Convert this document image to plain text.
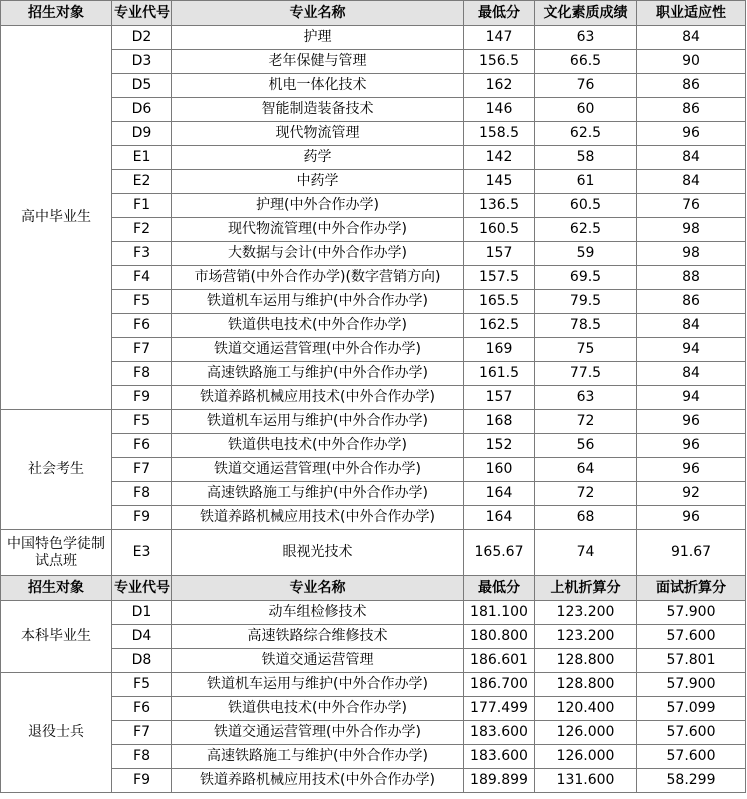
招生对象	专业代号	专业名称	最低分	文化素质成绩	职业适应性
高中毕业生	D2	护理	147	63	84
	D3	老年保健与管理	156.5	66.5	90
	D5	机电一体化技术	162	76	86
	D6	智能制造装备技术	146	60	86
	D9	现代物流管理	158.5	62.5	96
	E1	药学	142	58	84
	E2	中药学	145	61	84
	F1	护理(中外合作办学)	136.5	60.5	76
	F2	现代物流管理(中外合作办学)	160.5	62.5	98
	F3	大数据与会计(中外合作办学)	157	59	98
	F4	市场营销(中外合作办学)(数字营销方向)	157.5	69.5	88
	F5	铁道机车运用与维护(中外合作办学)	165.5	79.5	86
	F6	铁道供电技术(中外合作办学)	162.5	78.5	84
	F7	铁道交通运营管理(中外合作办学)	169	75	94
	F8	高速铁路施工与维护(中外合作办学)	161.5	77.5	84
	F9	铁道养路机械应用技术(中外合作办学)	157	63	94
社会考生	F5	铁道机车运用与维护(中外合作办学)	168	72	96
	F6	铁道供电技术(中外合作办学)	152	56	96
	F7	铁道交通运营管理(中外合作办学)	160	64	96
	F8	高速铁路施工与维护(中外合作办学)	164	72	92
	F9	铁道养路机械应用技术(中外合作办学)	164	68	96
中国特色学徒制试点班	E3	眼视光技术	165.67	74	91.67
招生对象	专业代号	专业名称	最低分	上机折算分	面试折算分
本科毕业生	D1	动车组检修技术	181.100	123.200	57.900
	D4	高速铁路综合维修技术	180.800	123.200	57.600
	D8	铁道交通运营管理	186.601	128.800	57.801
退役士兵	F5	铁道机车运用与维护(中外合作办学)	186.700	128.800	57.900
	F6	铁道供电技术(中外合作办学)	177.499	120.400	57.099
	F7	铁道交通运营管理(中外合作办学)	183.600	126.000	57.600
	F8	高速铁路施工与维护(中外合作办学)	183.600	126.000	57.600
	F9	铁道养路机械应用技术(中外合作办学)	189.899	131.600	58.299
